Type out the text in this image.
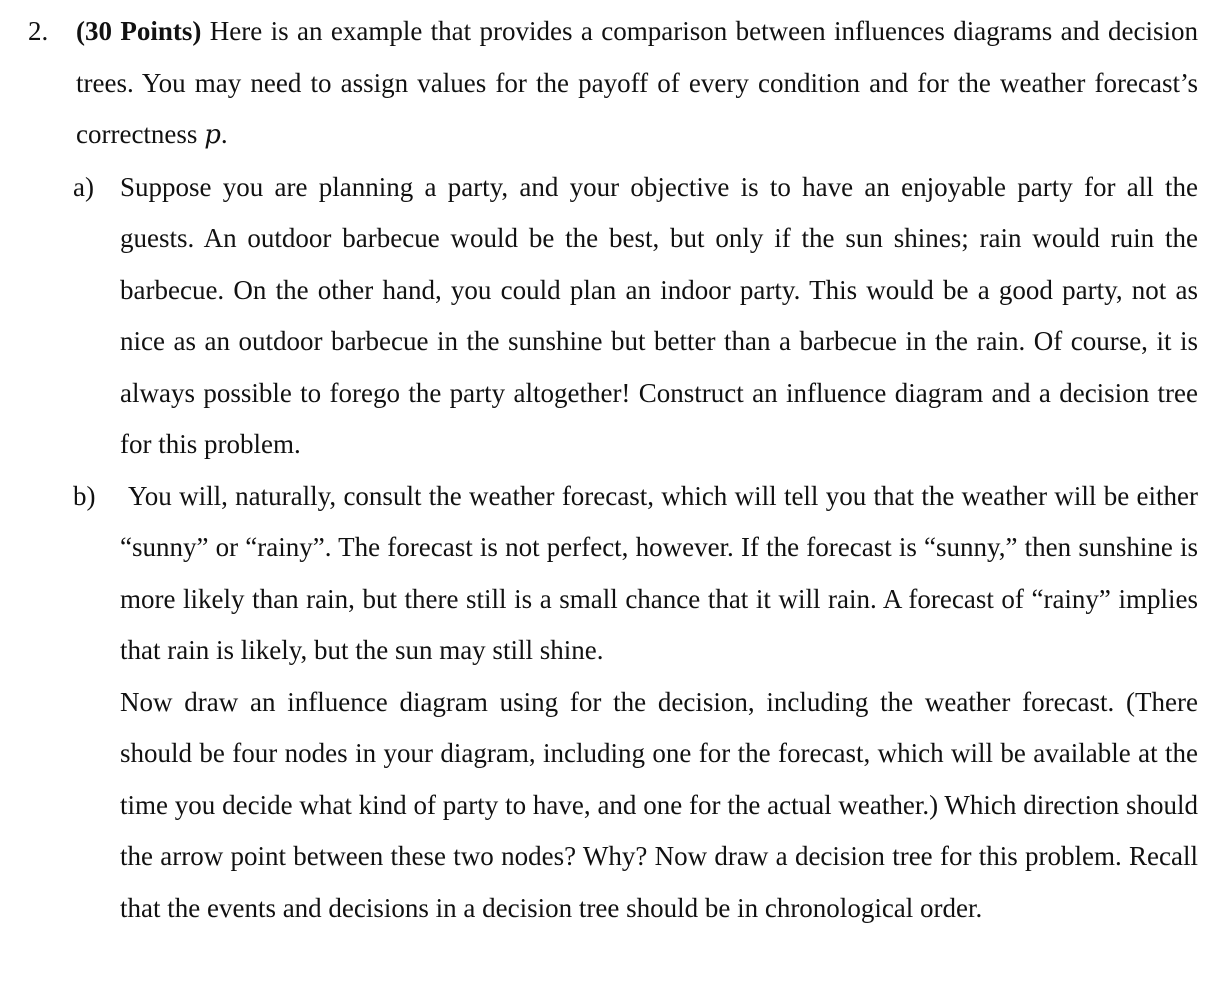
2. (30 Points) Here is an example that provides a comparison between influences diagrams and decision trees. You may need to assign values for the payoff of every condition and for the weather forecast’s correctness p.
a) Suppose you are planning a party, and your objective is to have an enjoyable party for all the guests. An outdoor barbecue would be the best, but only if the sun shines; rain would ruin the barbecue. On the other hand, you could plan an indoor party. This would be a good party, not as nice as an outdoor barbecue in the sunshine but better than a barbecue in the rain. Of course, it is always possible to forego the party altogether! Construct an influence diagram and a decision tree for this problem.
b) You will, naturally, consult the weather forecast, which will tell you that the weather will be either “sunny” or “rainy”. The forecast is not perfect, however. If the forecast is “sunny,” then sunshine is more likely than rain, but there still is a small chance that it will rain. A forecast of “rainy” implies that rain is likely, but the sun may still shine.
Now draw an influence diagram using for the decision, including the weather forecast. (There should be four nodes in your diagram, including one for the forecast, which will be available at the time you decide what kind of party to have, and one for the actual weather.) Which direction should the arrow point between these two nodes? Why? Now draw a decision tree for this problem. Recall that the events and decisions in a decision tree should be in chronological order.
